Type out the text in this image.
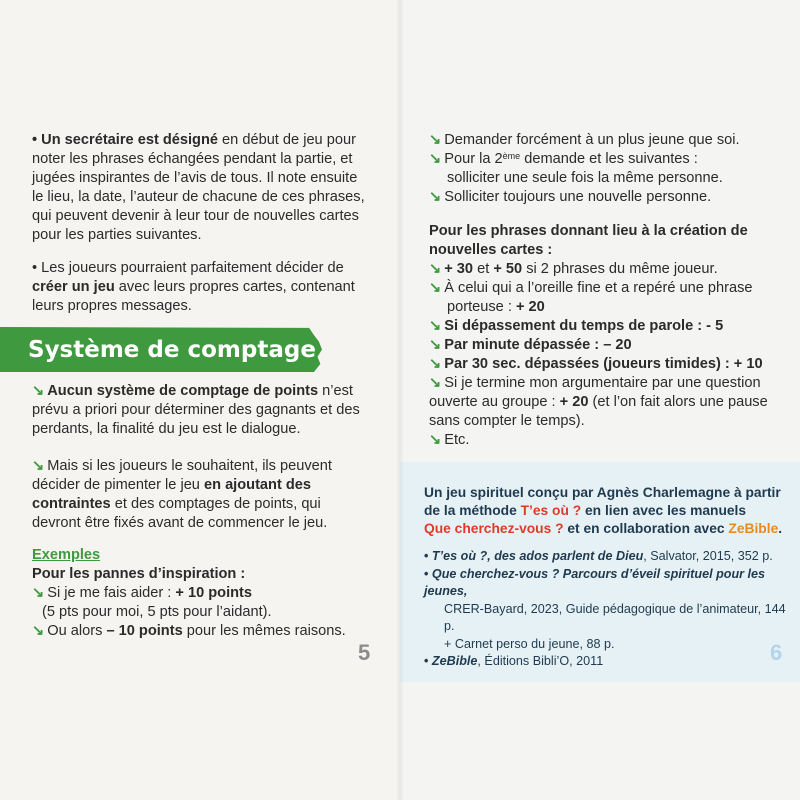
• Un secrétaire est désigné en début de jeu pour
noter les phrases échangées pendant la partie, et
jugées inspirantes de l’avis de tous. Il note ensuite
le lieu, la date, l’auteur de chacune de ces phrases,
qui peuvent devenir à leur tour de nouvelles cartes
pour les parties suivantes.
• Les joueurs pourraient parfaitement décider de
créer un jeu avec leurs propres cartes, contenant
leurs propres messages.
Système de comptage
↘ Aucun système de comptage de points n’est
prévu a priori pour déterminer des gagnants et des
perdants, la finalité du jeu est le dialogue.
↘ Mais si les joueurs le souhaitent, ils peuvent
décider de pimenter le jeu en ajoutant des
contraintes et des comptages de points, qui
devront être fixés avant de commencer le jeu.
Exemples
Pour les pannes d’inspiration :
↘ Si je me fais aider : + 10 points
(5 pts pour moi, 5 pts pour l’aidant).
↘ Ou alors – 10 points pour les mêmes raisons.
5
↘ Demander forcément à un plus jeune que soi.
↘ Pour la 2ème demande et les suivantes :
solliciter une seule fois la même personne.
↘ Solliciter toujours une nouvelle personne.
Pour les phrases donnant lieu à la création de
nouvelles cartes :
↘ + 30 et + 50 si 2 phrases du même joueur.
↘ À celui qui a l’oreille fine et a repéré une phrase
porteuse : + 20
↘ Si dépassement du temps de parole : - 5
↘ Par minute dépassée : – 20
↘ Par 30 sec. dépassées (joueurs timides) : + 10
↘ Si je termine mon argumentaire par une question
ouverte au groupe : + 20 (et l’on fait alors une pause
sans compter le temps).
↘ Etc.
Un jeu spirituel conçu par Agnès Charlemagne à partir
de la méthode T’es où ? en lien avec les manuels
Que cherchez-vous ? et en collaboration avec ZeBible.
• T’es où ?, des ados parlent de Dieu, Salvator, 2015, 352 p.
• Que cherchez-vous ? Parcours d’éveil spirituel pour les jeunes,
CRER-Bayard, 2023, Guide pédagogique de l’animateur, 144 p.
+ Carnet perso du jeune, 88 p.
• ZeBible, Éditions Bibli’O, 2011	6
